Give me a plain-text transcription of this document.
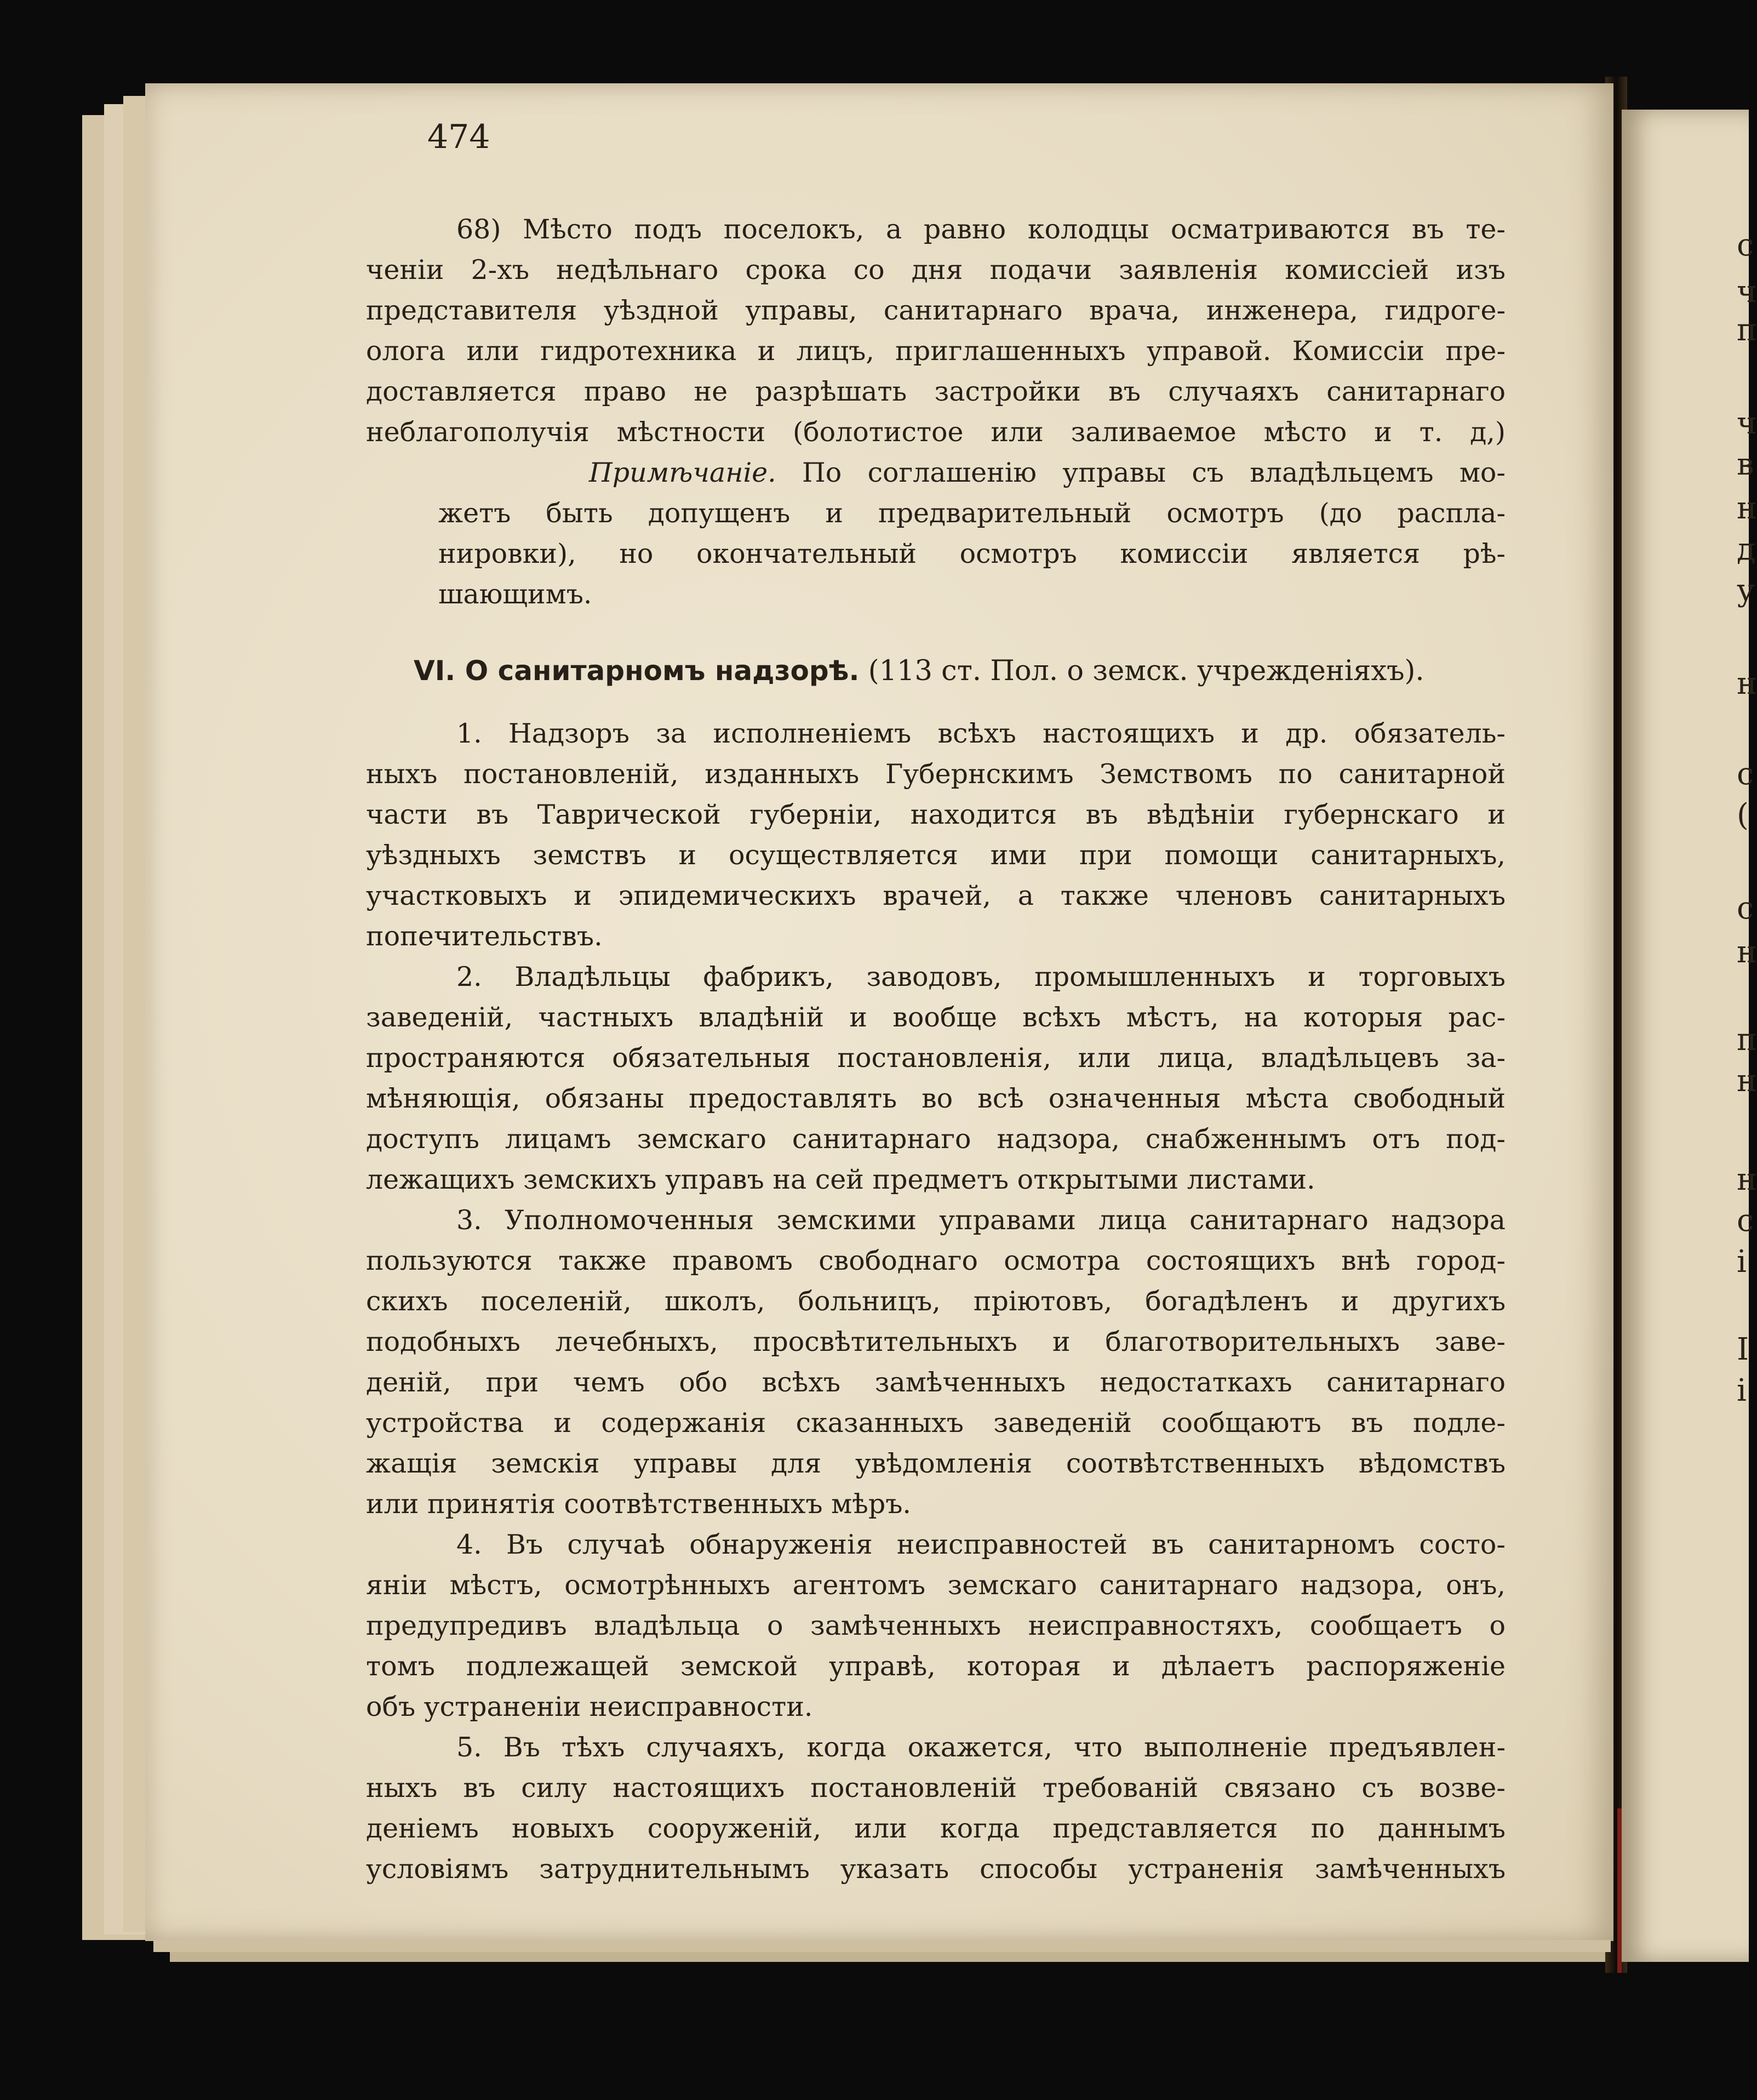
с
ч
п
ч
в
н
д
у
н
с
(
с
н
п
н
н
с
і
І
і
474
68) Мѣсто подъ поселокъ, а равно колодцы осматриваются въ те-
ченіи 2-хъ недѣльнаго срока со дня подачи заявленія комиссіей изъ
представителя уѣздной управы, санитарнаго врача, инженера, гидроге-
олога или гидротехника и лицъ, приглашенныхъ управой. Комиссіи пре-
доставляется право не разрѣшать застройки въ случаяхъ санитарнаго
неблагополучія мѣстности (болотистое или заливаемое мѣсто и т. д,)
Примѣчаніе. По соглашенію управы съ владѣльцемъ мо-
жетъ быть допущенъ и предварительный осмотръ (до распла-
нировки), но окончательный осмотръ комиссіи является рѣ-
шающимъ.
VI. О санитарномъ надзорѣ. (113 ст. Пол. о земск. учрежденіяхъ).
1. Надзоръ за исполненіемъ всѣхъ настоящихъ и др. обязатель-
ныхъ постановленій, изданныхъ Губернскимъ Земствомъ по санитарной
части въ Таврической губерніи, находится въ вѣдѣніи губернскаго и
уѣздныхъ земствъ и осуществляется ими при помощи санитарныхъ,
участковыхъ и эпидемическихъ врачей, а также членовъ санитарныхъ
попечительствъ.
2. Владѣльцы фабрикъ, заводовъ, промышленныхъ и торговыхъ
заведеній, частныхъ владѣній и вообще всѣхъ мѣстъ, на которыя рас-
пространяются обязательныя постановленія, или лица, владѣльцевъ за-
мѣняющія, обязаны предоставлять во всѣ означенныя мѣста свободный
доступъ лицамъ земскаго санитарнаго надзора, снабженнымъ отъ под-
лежащихъ земскихъ управъ на сей предметъ открытыми листами.
3. Уполномоченныя земскими управами лица санитарнаго надзора
пользуются также правомъ свободнаго осмотра состоящихъ внѣ город-
скихъ поселеній, школъ, больницъ, пріютовъ, богадѣленъ и другихъ
подобныхъ лечебныхъ, просвѣтительныхъ и благотворительныхъ заве-
деній, при чемъ обо всѣхъ замѣченныхъ недостаткахъ санитарнаго
устройства и содержанія сказанныхъ заведеній сообщаютъ въ подле-
жащія земскія управы для увѣдомленія соотвѣтственныхъ вѣдомствъ
или принятія соотвѣтственныхъ мѣръ.
4. Въ случаѣ обнаруженія неисправностей въ санитарномъ состо-
яніи мѣстъ, осмотрѣнныхъ агентомъ земскаго санитарнаго надзора, онъ,
предупредивъ владѣльца о замѣченныхъ неисправностяхъ, сообщаетъ о
томъ подлежащей земской управѣ, которая и дѣлаетъ распоряженіе
объ устраненіи неисправности.
5. Въ тѣхъ случаяхъ, когда окажется, что выполненіе предъявлен-
ныхъ въ силу настоящихъ постановленій требованій связано съ возве-
деніемъ новыхъ сооруженій, или когда представляется по даннымъ
условіямъ затруднительнымъ указать способы устраненія замѣченныхъ
